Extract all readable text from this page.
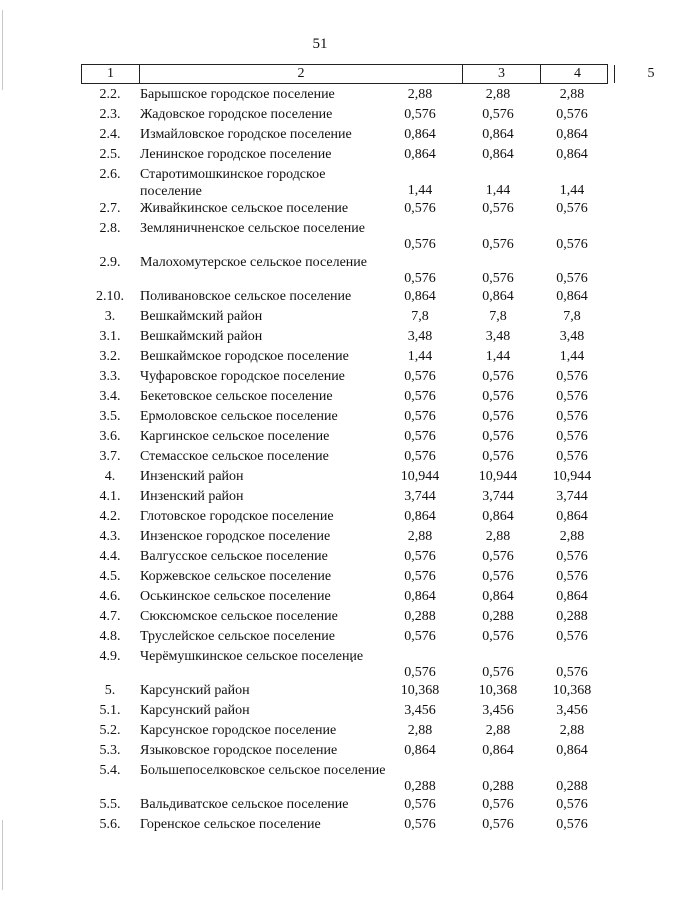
51
1	2	3	4	5
2.2.	Барышское городское поселение	2,88	2,88	2,88
2.3.	Жадовское городское поселение	0,576	0,576	0,576
2.4.	Измайловское городское поселение	0,864	0,864	0,864
2.5.	Ленинское городское поселение	0,864	0,864	0,864
2.6.	Старотимошкинское городское поселение	1,44	1,44	1,44
2.7.	Живайкинское сельское поселение	0,576	0,576	0,576
2.8.	Земляничненское сельское поселение
0,576	0,576	0,576
2.9.	Малохомутерское сельское поселение
0,576	0,576	0,576
2.10.	Поливановское сельское поселение	0,864	0,864	0,864
3.	Вешкаймский район	7,8	7,8	7,8
3.1.	Вешкаймский район	3,48	3,48	3,48
3.2.	Вешкаймское городское поселение	1,44	1,44	1,44
3.3.	Чуфаровское городское поселение	0,576	0,576	0,576
3.4.	Бекетовское сельское поселение	0,576	0,576	0,576
3.5.	Ермоловское сельское поселение	0,576	0,576	0,576
3.6.	Каргинское сельское поселение	0,576	0,576	0,576
3.7.	Стемасское сельское поселение	0,576	0,576	0,576
4.	Инзенский район	10,944	10,944	10,944
4.1.	Инзенский район	3,744	3,744	3,744
4.2.	Глотовское городское поселение	0,864	0,864	0,864
4.3.	Инзенское городское поселение	2,88	2,88	2,88
4.4.	Валгусское сельское поселение	0,576	0,576	0,576
4.5.	Коржевское сельское поселение	0,576	0,576	0,576
4.6.	Оськинское сельское поселение	0,864	0,864	0,864
4.7.	Сюксюмское сельское поселение	0,288	0,288	0,288
4.8.	Труслейское сельское поселение	0,576	0,576	0,576
4.9.	Черёмушкинское сельское поселение
0,576	0,576	0,576
5.	Карсунский район	10,368	10,368	10,368
5.1.	Карсунский район	3,456	3,456	3,456
5.2.	Карсунское городское поселение	2,88	2,88	2,88
5.3.	Языковское городское поселение	0,864	0,864	0,864
5.4.	Большепоселковское сельское поселение
0,288	0,288	0,288
5.5.	Вальдиватское сельское поселение	0,576	0,576	0,576
5.6.	Горенское сельское поселение	0,576	0,576	0,576
